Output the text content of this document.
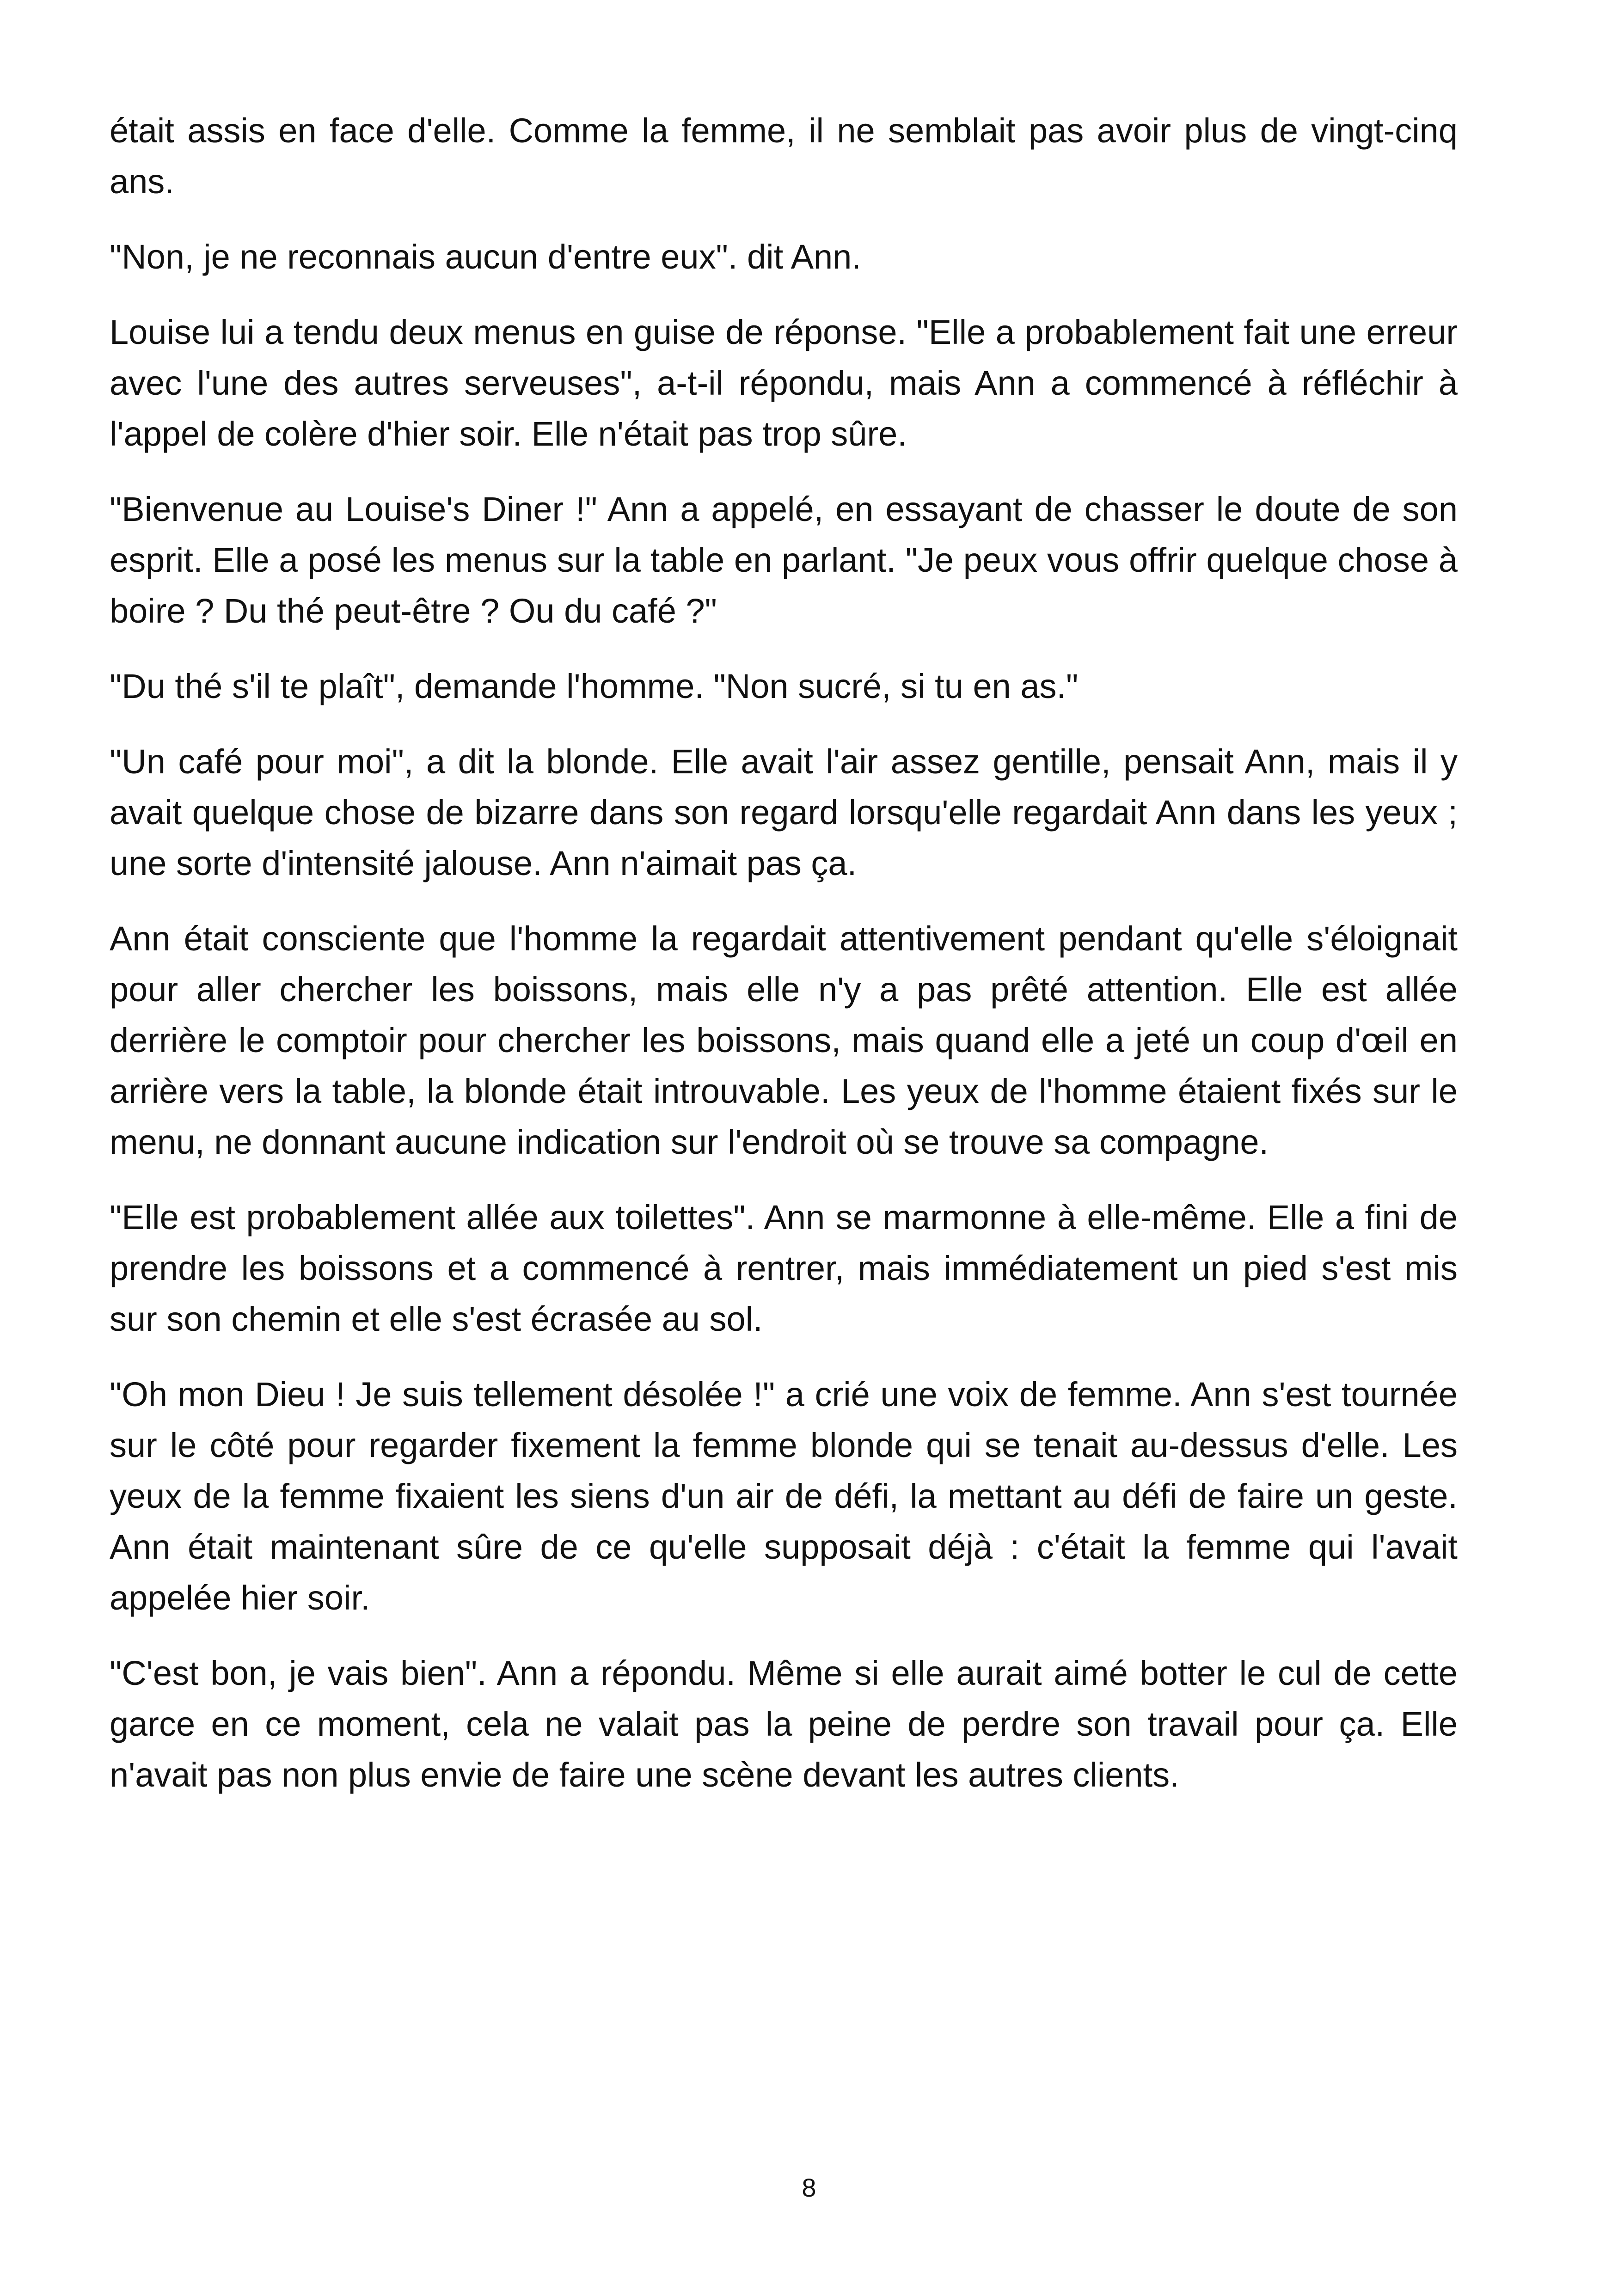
était assis en face d'elle. Comme la femme, il ne semblait pas avoir plus de vingt-cinq ans.

"Non, je ne reconnais aucun d'entre eux". dit Ann.

Louise lui a tendu deux menus en guise de réponse. "Elle a probablement fait une erreur avec l'une des autres serveuses", a-t-il répondu, mais Ann a commencé à réfléchir à l'appel de colère d'hier soir. Elle n'était pas trop sûre.

"Bienvenue au Louise's Diner !" Ann a appelé, en essayant de chasser le doute de son esprit. Elle a posé les menus sur la table en parlant. "Je peux vous offrir quelque chose à boire ? Du thé peut-être ? Ou du café ?"

"Du thé s'il te plaît", demande l'homme. "Non sucré, si tu en as."

"Un café pour moi", a dit la blonde. Elle avait l'air assez gentille, pensait Ann, mais il y avait quelque chose de bizarre dans son regard lorsqu'elle regardait Ann dans les yeux ; une sorte d'intensité jalouse. Ann n'aimait pas ça.

Ann était consciente que l'homme la regardait attentivement pendant qu'elle s'éloignait pour aller chercher les boissons, mais elle n'y a pas prêté attention. Elle est allée derrière le comptoir pour chercher les boissons, mais quand elle a jeté un coup d'œil en arrière vers la table, la blonde était introuvable. Les yeux de l'homme étaient fixés sur le menu, ne donnant aucune indication sur l'endroit où se trouve sa compagne.

"Elle est probablement allée aux toilettes". Ann se marmonne à elle-même. Elle a fini de prendre les boissons et a commencé à rentrer, mais immédiatement un pied s'est mis sur son chemin et elle s'est écrasée au sol.

"Oh mon Dieu ! Je suis tellement désolée !" a crié une voix de femme. Ann s'est tournée sur le côté pour regarder fixement la femme blonde qui se tenait au-dessus d'elle. Les yeux de la femme fixaient les siens d'un air de défi, la mettant au défi de faire un geste. Ann était maintenant sûre de ce qu'elle supposait déjà : c'était la femme qui l'avait appelée hier soir.

"C'est bon, je vais bien". Ann a répondu. Même si elle aurait aimé botter le cul de cette garce en ce moment, cela ne valait pas la peine de perdre son travail pour ça. Elle n'avait pas non plus envie de faire une scène devant les autres clients.

8
